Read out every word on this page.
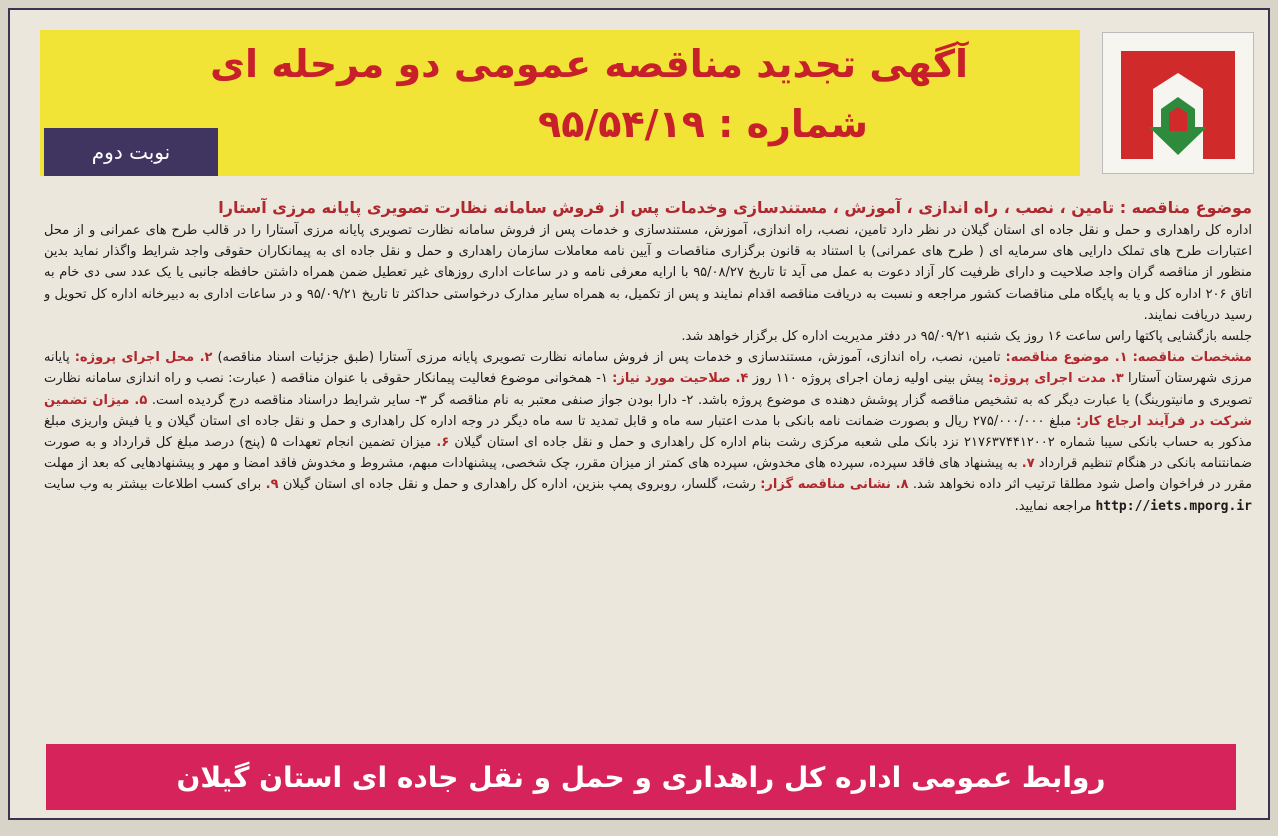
آگهی تجدید مناقصه عمومی دو مرحله ای
شماره : ۹۵/۵۴/۱۹
نوبت دوم

موضوع مناقصه : تامین ، نصب ، راه اندازی ، آموزش ، مستندسازی وخدمات پس از فروش سامانه نظارت تصویری پایانه مرزی آستارا

اداره کل راهداری و حمل و نقل جاده ای استان گیلان در نظر دارد تامین، نصب، راه اندازی، آموزش، مستندسازی و خدمات پس از فروش سامانه نظارت تصویری پایانه مرزی آستارا را در قالب طرح های عمرانی و از محل اعتبارات طرح های تملک دارایی های سرمایه ای ( طرح های عمرانی) با استناد به قانون برگزاری مناقصات و آیین نامه معاملات سازمان راهداری و حمل و نقل جاده ای به پیمانکاران حقوقی واجد شرایط واگذار نماید بدین منظور از مناقصه گران واجد صلاحیت و دارای ظرفیت کار آزاد دعوت به عمل می آید تا تاریخ ۹۵/۰۸/۲۷ با ارایه معرفی نامه و در ساعات اداری روزهای غیر تعطیل ضمن همراه داشتن حافظه جانبی یا یک عدد سی دی خام به اتاق ۲۰۶ اداره کل و یا به پایگاه ملی مناقصات کشور مراجعه و نسبت به دریافت مناقصه اقدام نمایند و پس از تکمیل، به همراه سایر مدارک درخواستی حداکثر تا تاریخ ۹۵/۰۹/۲۱ و در ساعات اداری به دبیرخانه اداره کل تحویل و رسید دریافت نمایند.

جلسه بازگشایی پاکتها راس ساعت ۱۶ روز یک شنبه ۹۵/۰۹/۲۱ در دفتر مدیریت اداره کل برگزار خواهد شد.

مشخصات مناقصه: ۱. موضوع مناقصه: تامین، نصب، راه اندازی، آموزش، مستندسازی و خدمات پس از فروش سامانه نظارت تصویری پایانه مرزی آستارا (طبق جزئیات اسناد مناقصه) ۲. محل اجرای پروژه: پایانه مرزی شهرستان آستارا ۳. مدت اجرای پروژه: پیش بینی اولیه زمان اجرای پروژه ۱۱۰ روز ۴. صلاحیت مورد نیاز: ۱- همخوانی موضوع فعالیت پیمانکار حقوقی با عنوان مناقصه ( عبارت: نصب و راه اندازی سامانه نظارت تصویری و مانیتورینگ) یا عبارت دیگر که به تشخیص مناقصه گزار پوشش دهنده ی موضوع پروژه باشد. ۲- دارا بودن جواز صنفی معتبر به نام مناقصه گر ۳- سایر شرایط دراسناد مناقصه درج گردیده است. ۵. میزان تضمین شرکت در فرآیند ارجاع کار: مبلغ ۲۷۵/۰۰۰/۰۰۰ ریال و بصورت ضمانت نامه بانکی با مدت اعتبار سه ماه و قابل تمدید تا سه ماه دیگر در وجه اداره کل راهداری و حمل و نقل جاده ای استان گیلان و یا فیش واریزی مبلغ مذکور به حساب بانکی سیبا شماره ۲۱۷۶۳۷۴۴۱۲۰۰۲ نزد بانک ملی شعبه مرکزی رشت بنام اداره کل راهداری و حمل و نقل جاده ای استان گیلان ۶. میزان تضمین انجام تعهدات ۵ (پنج) درصد مبلغ کل قرارداد و به صورت ضمانتنامه بانکی در هنگام تنظیم قرارداد ۷. به پیشنهاد های فاقد سپرده، سپرده های مخدوش، سپرده های کمتر از میزان مقرر، چک شخصی، پیشنهادات مبهم، مشروط و مخدوش فاقد امضا و مهر و پیشنهادهایی که بعد از مهلت مقرر در فراخوان واصل شود مطلقا ترتیب اثر داده نخواهد شد. ۸. نشانی مناقصه گزار: رشت، گلسار، روبروی پمپ بنزین، اداره کل راهداری و حمل و نقل جاده ای استان گیلان ۹. برای کسب اطلاعات بیشتر به وب سایت http://iets.mporg.ir مراجعه نمایید.

روابط عمومی اداره کل راهداری و حمل و نقل جاده ای استان گیلان
